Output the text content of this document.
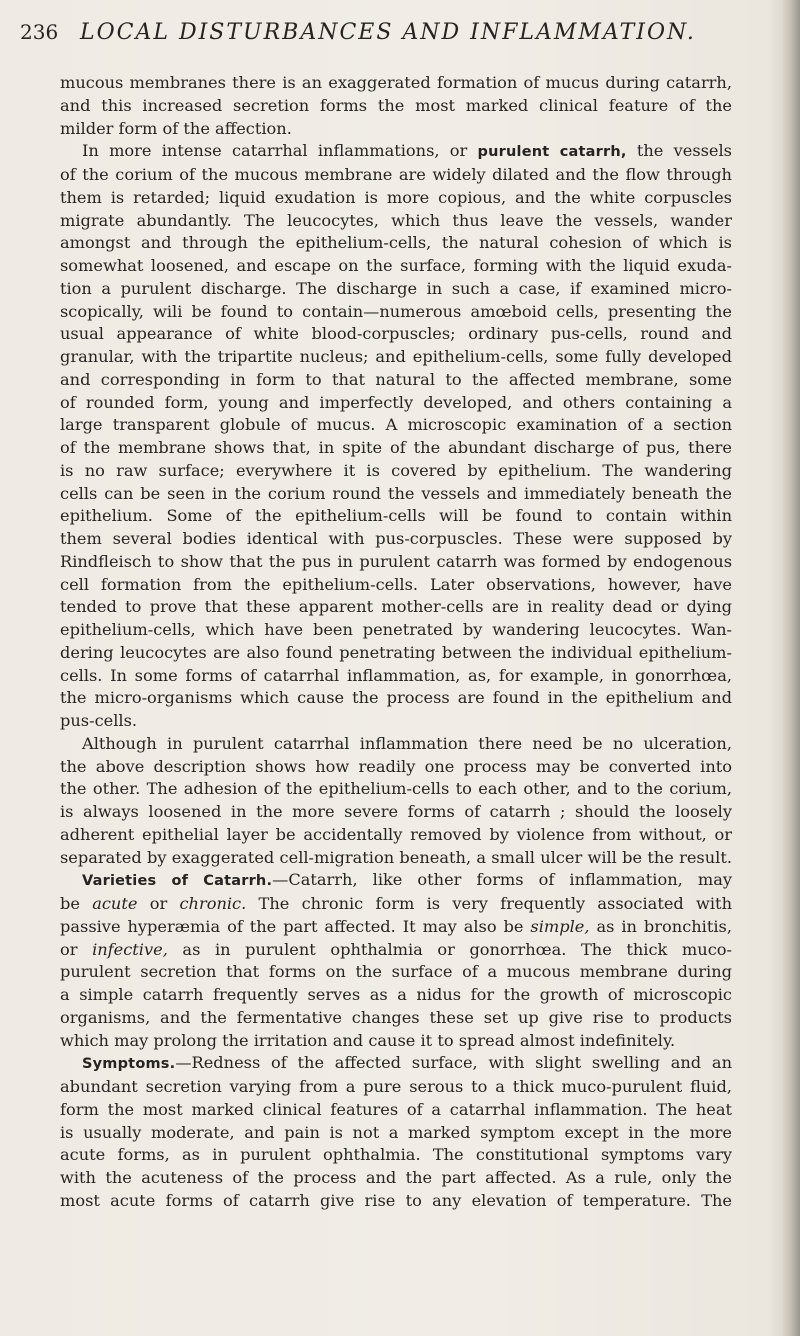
236 LOCAL DISTURBANCES AND INFLAMMATION.
mucous membranes there is an exaggerated formation of mucus during catarrh,
and this increased secretion forms the most marked clinical feature of the
milder form of the affection.
In more intense catarrhal inflammations, or purulent catarrh, the vessels
of the corium of the mucous membrane are widely dilated and the flow through
them is retarded; liquid exudation is more copious, and the white corpuscles
migrate abundantly. The leucocytes, which thus leave the vessels, wander
amongst and through the epithelium-cells, the natural cohesion of which is
somewhat loosened, and escape on the surface, forming with the liquid exuda-
tion a purulent discharge. The discharge in such a case, if examined micro-
scopically, wili be found to contain—numerous amœboid cells, presenting the
usual appearance of white blood-corpuscles; ordinary pus-cells, round and
granular, with the tripartite nucleus; and epithelium-cells, some fully developed
and corresponding in form to that natural to the affected membrane, some
of rounded form, young and imperfectly developed, and others containing a
large transparent globule of mucus. A microscopic examination of a section
of the membrane shows that, in spite of the abundant discharge of pus, there
is no raw surface; everywhere it is covered by epithelium. The wandering
cells can be seen in the corium round the vessels and immediately beneath the
epithelium. Some of the epithelium-cells will be found to contain within
them several bodies identical with pus-corpuscles. These were supposed by
Rindfleisch to show that the pus in purulent catarrh was formed by endogenous
cell formation from the epithelium-cells. Later observations, however, have
tended to prove that these apparent mother-cells are in reality dead or dying
epithelium-cells, which have been penetrated by wandering leucocytes. Wan-
dering leucocytes are also found penetrating between the individual epithelium-
cells. In some forms of catarrhal inflammation, as, for example, in gonorrhœa,
the micro-organisms which cause the process are found in the epithelium and
pus-cells.
Although in purulent catarrhal inflammation there need be no ulceration,
the above description shows how readily one process may be converted into
the other. The adhesion of the epithelium-cells to each other, and to the corium,
is always loosened in the more severe forms of catarrh ; should the loosely
adherent epithelial layer be accidentally removed by violence from without, or
separated by exaggerated cell-migration beneath, a small ulcer will be the result.
Varieties of Catarrh.—Catarrh, like other forms of inflammation, may
be acute or chronic. The chronic form is very frequently associated with
passive hyperæmia of the part affected. It may also be simple, as in bronchitis,
or infective, as in purulent ophthalmia or gonorrhœa. The thick muco-
purulent secretion that forms on the surface of a mucous membrane during
a simple catarrh frequently serves as a nidus for the growth of microscopic
organisms, and the fermentative changes these set up give rise to products
which may prolong the irritation and cause it to spread almost indefinitely.
Symptoms.—Redness of the affected surface, with slight swelling and an
abundant secretion varying from a pure serous to a thick muco-purulent fluid,
form the most marked clinical features of a catarrhal inflammation. The heat
is usually moderate, and pain is not a marked symptom except in the more
acute forms, as in purulent ophthalmia. The constitutional symptoms vary
with the acuteness of the process and the part affected. As a rule, only the
most acute forms of catarrh give rise to any elevation of temperature. The
